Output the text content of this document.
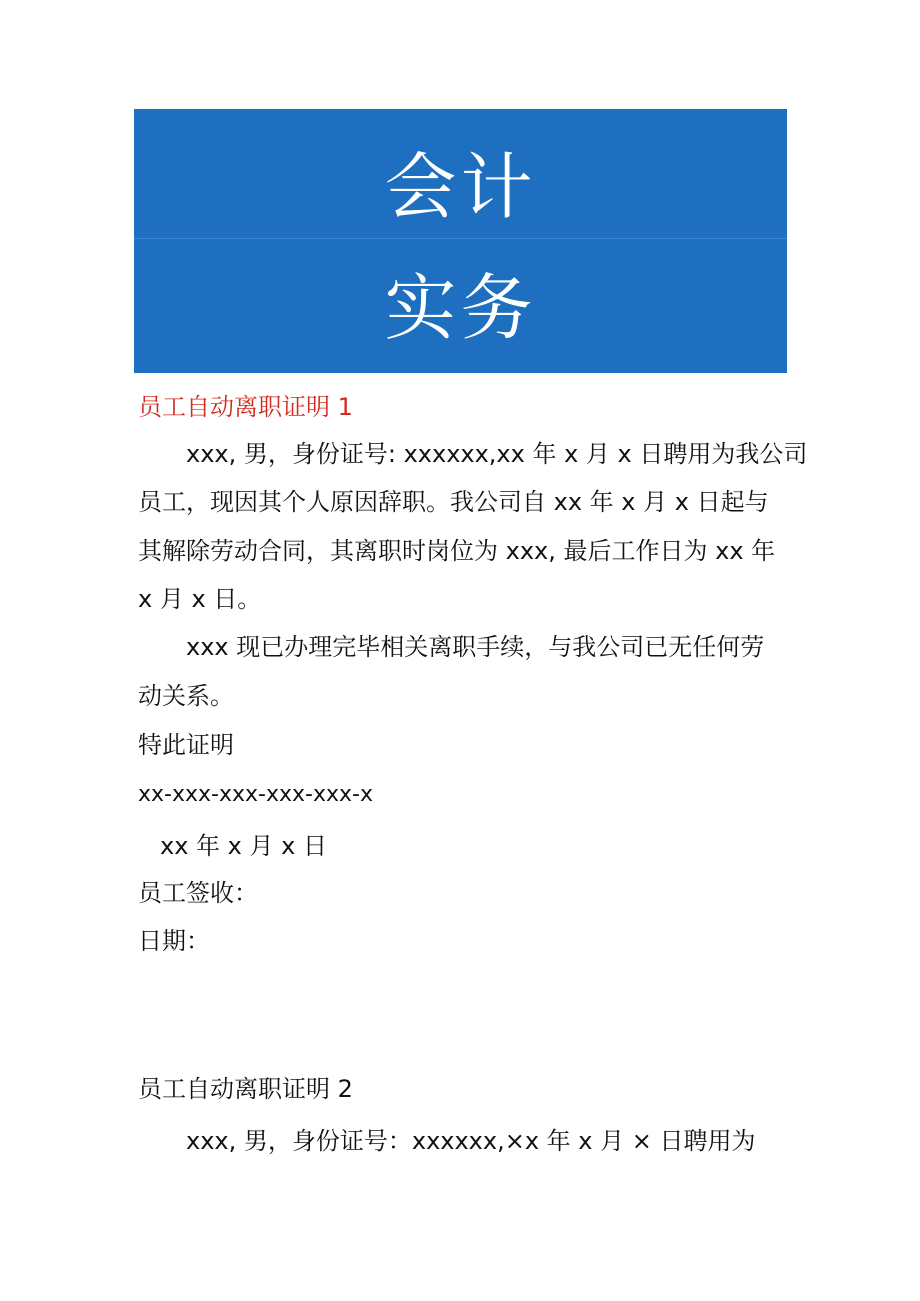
会计
实务
员工自动离职证明 1
xxx, 男，身份证号: xxxxxx,xx 年 x 月 x 日聘用为我公司
员工，现因其个人原因辞职。我公司自 xx 年 x 月 x 日起与
其解除劳动合同，其离职时岗位为 xxx, 最后工作日为 xx 年
x 月 x 日。
xxx 现已办理完毕相关离职手续，与我公司已无任何劳
动关系。
特此证明
xx-xxx-xxx-xxx-xxx-x
xx 年 x 月 x 日
员工签收：
日期：
员工自动离职证明 2
xxx, 男，身份证号：xxxxxx,×x 年 x 月 × 日聘用为
